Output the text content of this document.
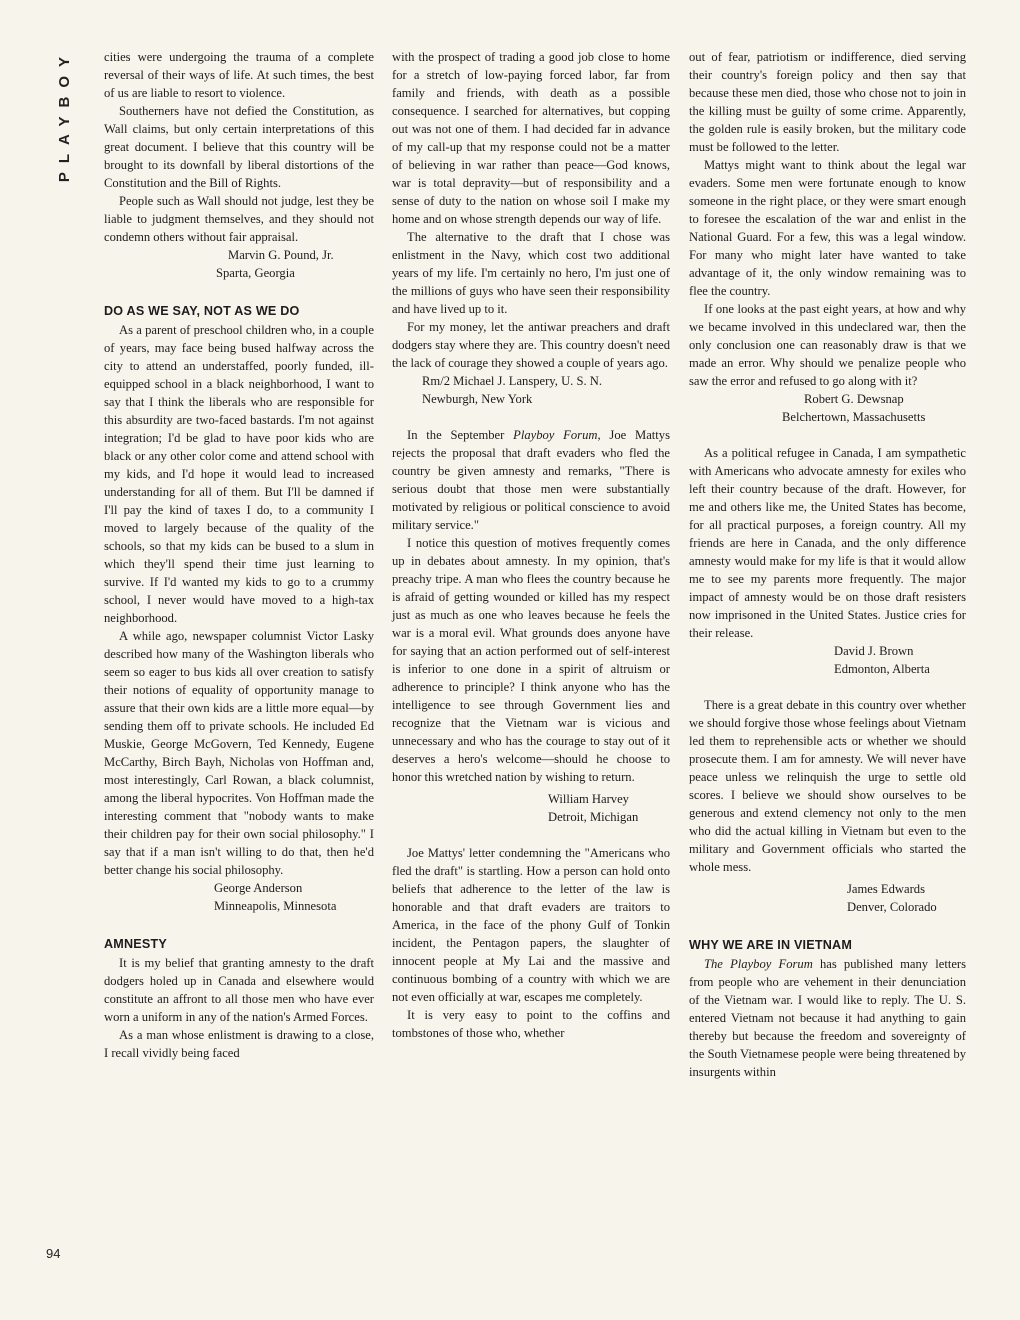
PLAYBOY
94

cities were undergoing the trauma of a complete reversal of their ways of life. At such times, the best of us are liable to resort to violence.

Southerners have not defied the Constitution, as Wall claims, but only certain interpretations of this great document. I believe that this country will be brought to its downfall by liberal distortions of the Constitution and the Bill of Rights.

People such as Wall should not judge, lest they be liable to judgment themselves, and they should not condemn others without fair appraisal.

Marvin G. Pound, Jr.
Sparta, Georgia
DO AS WE SAY, NOT AS WE DO

As a parent of preschool children who, in a couple of years, may face being bused halfway across the city to attend an understaffed, poorly funded, ill-equipped school in a black neighborhood, I want to say that I think the liberals who are responsible for this absurdity are two-faced bastards. I'm not against integration; I'd be glad to have poor kids who are black or any other color come and attend school with my kids, and I'd hope it would lead to increased understanding for all of them. But I'll be damned if I'll pay the kind of taxes I do, to a community I moved to largely because of the quality of the schools, so that my kids can be bused to a slum in which they'll spend their time just learning to survive. If I'd wanted my kids to go to a crummy school, I never would have moved to a high-tax neighborhood.

A while ago, newspaper columnist Victor Lasky described how many of the Washington liberals who seem so eager to bus kids all over creation to satisfy their notions of equality of opportunity manage to assure that their own kids are a little more equal—by sending them off to private schools. He included Ed Muskie, George McGovern, Ted Kennedy, Eugene McCarthy, Birch Bayh, Nicholas von Hoffman and, most interestingly, Carl Rowan, a black columnist, among the liberal hypocrites. Von Hoffman made the interesting comment that "nobody wants to make their children pay for their own social philosophy." I say that if a man isn't willing to do that, then he'd better change his social philosophy.

George Anderson
Minneapolis, Minnesota
AMNESTY

It is my belief that granting amnesty to the draft dodgers holed up in Canada and elsewhere would constitute an affront to all those men who have ever worn a uniform in any of the nation's Armed Forces.

As a man whose enlistment is drawing to a close, I recall vividly being faced

with the prospect of trading a good job close to home for a stretch of low-paying forced labor, far from family and friends, with death as a possible consequence. I searched for alternatives, but copping out was not one of them. I had decided far in advance of my call-up that my response could not be a matter of believing in war rather than peace—God knows, war is total depravity—but of responsibility and a sense of duty to the nation on whose soil I make my home and on whose strength depends our way of life.

The alternative to the draft that I chose was enlistment in the Navy, which cost two additional years of my life. I'm certainly no hero, I'm just one of the millions of guys who have seen their responsibility and have lived up to it.

For my money, let the antiwar preachers and draft dodgers stay where they are. This country doesn't need the lack of courage they showed a couple of years ago.

Rm/2 Michael J. Lanspery, U. S. N.
Newburgh, New York

In the September Playboy Forum, Joe Mattys rejects the proposal that draft evaders who fled the country be given amnesty and remarks, "There is serious doubt that those men were substantially motivated by religious or political conscience to avoid military service."

I notice this question of motives frequently comes up in debates about amnesty. In my opinion, that's preachy tripe. A man who flees the country because he is afraid of getting wounded or killed has my respect just as much as one who leaves because he feels the war is a moral evil. What grounds does anyone have for saying that an action performed out of self-interest is inferior to one done in a spirit of altruism or adherence to principle? I think anyone who has the intelligence to see through Government lies and recognize that the Vietnam war is vicious and unnecessary and who has the courage to stay out of it deserves a hero's welcome—should he choose to honor this wretched nation by wishing to return.

William Harvey
Detroit, Michigan

Joe Mattys' letter condemning the "Americans who fled the draft" is startling. How a person can hold onto beliefs that adherence to the letter of the law is honorable and that draft evaders are traitors to America, in the face of the phony Gulf of Tonkin incident, the Pentagon papers, the slaughter of innocent people at My Lai and the massive and continuous bombing of a country with which we are not even officially at war, escapes me completely.

It is very easy to point to the coffins and tombstones of those who, whether

out of fear, patriotism or indifference, died serving their country's foreign policy and then say that because these men died, those who chose not to join in the killing must be guilty of some crime. Apparently, the golden rule is easily broken, but the military code must be followed to the letter.

Mattys might want to think about the legal war evaders. Some men were fortunate enough to know someone in the right place, or they were smart enough to foresee the escalation of the war and enlist in the National Guard. For a few, this was a legal window. For many who might later have wanted to take advantage of it, the only window remaining was to flee the country.

If one looks at the past eight years, at how and why we became involved in this undeclared war, then the only conclusion one can reasonably draw is that we made an error. Why should we penalize people who saw the error and refused to go along with it?

Robert G. Dewsnap
Belchertown, Massachusetts

As a political refugee in Canada, I am sympathetic with Americans who advocate amnesty for exiles who left their country because of the draft. However, for me and others like me, the United States has become, for all practical purposes, a foreign country. All my friends are here in Canada, and the only difference amnesty would make for my life is that it would allow me to see my parents more frequently. The major impact of amnesty would be on those draft resisters now imprisoned in the United States. Justice cries for their release.

David J. Brown
Edmonton, Alberta

There is a great debate in this country over whether we should forgive those whose feelings about Vietnam led them to reprehensible acts or whether we should prosecute them. I am for amnesty. We will never have peace unless we relinquish the urge to settle old scores. I believe we should show ourselves to be generous and extend clemency not only to the men who did the actual killing in Vietnam but even to the military and Government officials who started the whole mess.

James Edwards
Denver, Colorado
WHY WE ARE IN VIETNAM

The Playboy Forum has published many letters from people who are vehement in their denunciation of the Vietnam war. I would like to reply. The U. S. entered Vietnam not because it had anything to gain thereby but because the freedom and sovereignty of the South Vietnamese people were being threatened by insurgents within
